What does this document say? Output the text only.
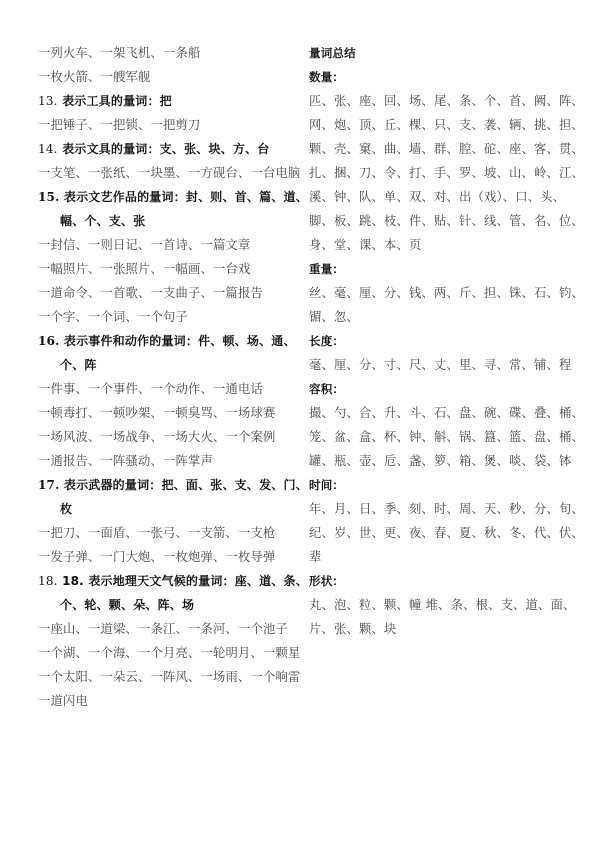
一列火车、一架飞机、一条船
一枚火箭、一艘军舰
13. 表示工具的量词：把
一把锤子、一把锁、一把剪刀
14. 表示文具的量词：支、张、块、方、台
一支笔、一张纸、一块墨、一方砚台、一台电脑
15. 表示文艺作品的量词：封、则、首、篇、道、
幅、个、支、张
一封信、一则日记、一首诗、一篇文章
一幅照片、一张照片、一幅画、一台戏
一道命令、一首歌、一支曲子、一篇报告
一个字、一个词、一个句子
16. 表示事件和动作的量词：件、顿、场、通、
个、阵
一件事、一个事件、一个动作、一通电话
一顿毒打、一顿吵架、一顿臭骂、一场球赛
一场风波、一场战争、一场大火、一个案例
一通报告、一阵骚动、一阵掌声
17. 表示武器的量词：把、面、张、支、发、门、
枚
一把刀、一面盾、一张弓、一支箭、一支枪
一发子弹、一门大炮、一枚炮弹、一枚导弹
18. 18. 表示地理天文气候的量词：座、道、条、
个、轮、颗、朵、阵、场
一座山、一道梁、一条江、一条河、一个池子
一个湖、一个海、一个月亮、一轮明月、一颗星
一个太阳、一朵云、一阵风、一场雨、一个响雷
一道闪电
量词总结
数量：
匹、张、座、回、场、尾、条、个、首、阙、阵、
网、炮、顶、丘、棵、只、支、袭、辆、挑、担、
颗、壳、窠、曲、墙、群、腔、砣、座、客、贯、
扎、捆、刀、令、打、手、罗、坡、山、岭、江、
溪、钟、队、单、双、对、出（戏）、口、头、
脚、板、跳、枝、件、贴、针、线、管、名、位、
身、堂、课、本、页
重量：
丝、毫、厘、分、钱、两、斤、担、铢、石、钧、
镅、忽、
长度：
毫、厘、分、寸、尺、丈、里、寻、常、铺、程
容积：
撮、勺、合、升、斗、石、盘、碗、碟、叠、桶、
笼、盆、盒、杯、钟、斛、锅、簋、篮、盘、桶、
罐、瓶、壶、卮、盏、箩、箱、煲、啖、袋、钵
时间：
年、月、日、季、刻、时、周、天、秒、分、旬、
纪、岁、世、更、夜、春、夏、秋、冬、代、伏、
辈
形状：
丸、泡、粒、颗、幢 堆、条、根、支、道、面、
片、张、颗、块
